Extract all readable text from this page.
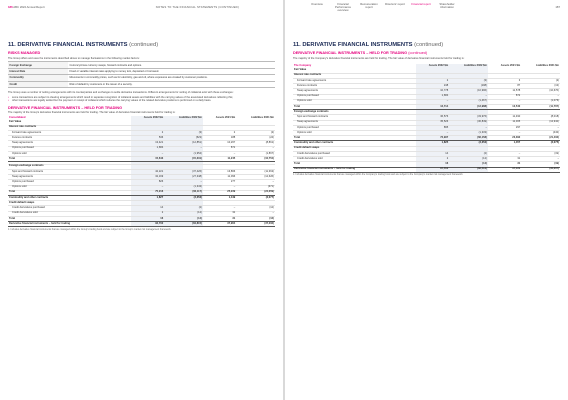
186 ABC 2022 Annual Report	NOTES TO THE FINANCIAL STATEMENTS (CONTINUED)
11. DERIVATIVE FINANCIAL INSTRUMENTS (continued)
RISKS MANAGED

The Group offers and uses the instruments described above to manage fluctuations in the following market factors:

Foreign Exchange	Currency/cross currency swaps, forward contracts and options.
Interest Rate	Fixed or variable interest rates applying to money lent, deposited or borrowed.
Commodity	Movements in commodity prices, such as for electricity, gas and oil, where exposures are created by customer positions.
Credit	Risk of default by customers or the issuer of a security.

The Group uses a number of netting arrangements with its counterparties and exchanges to settle derivative transactions. Different arrangements for netting of collateral exist with these exchanges:

• some transactions are subject to clearing arrangements which result in separate recognition of collateral assets and liabilities with the carrying values of the associated derivatives reflecting this;
• other transactions are legally settled but the payment or receipt of collateral which reduces the carrying values of the related derivative positions is performed on a daily basis.
DERIVATIVE FINANCIAL INSTRUMENTS – HELD FOR TRADING

The majority of the Group's derivative financial instruments are held for trading. The fair value of derivative financial instruments held for trading is:

Consolidated	Assets 2022 $m	Liabilities 2022 $m	Assets 2021 $m	Liabilities 2021 $m
Fair Value				
Interest rate contracts				
Forward rate agreements	2	(3)	2	(2)
Futures contracts	536	(523)	188	(24)
Swap agreements	13,421	(12,851)	10,267	(8,861)
Options purchased	1,684	–	871	–
Options sold	–	(1,954)	–	(1,867)
Total	15,643	(15,331)	11,245	(10,754)

Foreign exchange contracts				
Spot and forward contracts	42,221	(37,426)	13,866	(11,362)
Swap agreements	32,169	(27,348)	11,096	(12,626)
Options purchased	826	–	277	–
Options sold	–	(1,343)	–	(371)
Total	75,216	(66,117)	25,239	(24,359)
Commodity and other contracts	1,827	(3,353)	1,449	(2,077)
Credit default swaps				
Credit derivatives purchased	14	(2)	–	(12)
Credit derivatives sold	2	(12)	31	–
Total	16	(14)	31	(12)
Derivative financial instruments – held for trading	92,702	(84,815)	37,964	(37,202)
1. Includes derivative financial instruments that are managed within the Group's trading book and are subject to the Group's market risk management framework.
Overview	Financial Performance overview
Remuneration report
Directors' report Financial report	Shareholder information	187
11. DERIVATIVE FINANCIAL INSTRUMENTS (continued)
DERIVATIVE FINANCIAL INSTRUMENTS – HELD FOR TRADING (continued)

The majority of the Company's derivative financial instruments are held for trading. The fair value of derivative financial instruments held for trading is:

The Company	Assets 2022 $m	Liabilities 2022 $m	Assets 2021 $m	Liabilities 2021 $m
Fair Value				
Interest rate contracts				
Forward rate agreements	2	(3)	3	(2)
Futures contracts	248	(198)	87	(13)
Swap agreements	10,778	(10,996)	11,578	(10,676)
Options purchased	1,684	–	872	–
Options sold	–	(1,467)	–	(1,076)
Total	12,714	(12,988)	12,540	(11,767)
Foreign exchange contracts				
Spot and forward contracts	36,576	(33,976)	11,490	(8,018)
Swap agreements	35,526	(30,849)	11,305	(12,942)
Options purchased	895	–	297	–
Options sold	–	(1,333)	–	(443)
Total	72,997	(66,158)	23,092	(21,403)
Commodity and other contracts	1,825	(3,353)	1,457	(2,075)
Credit default swaps				
Credit derivatives purchased	14	(2)	–	(19)
Credit derivatives sold	2	(12)	31	–
Total	16	(14)	31	(19)
Derivative financial instruments – held for trading	87,552	(82,513)	37,120	(35,267)
1. Includes derivative financial instruments that are managed within the Company's trading book and are subject to the Company's market risk management framework.
